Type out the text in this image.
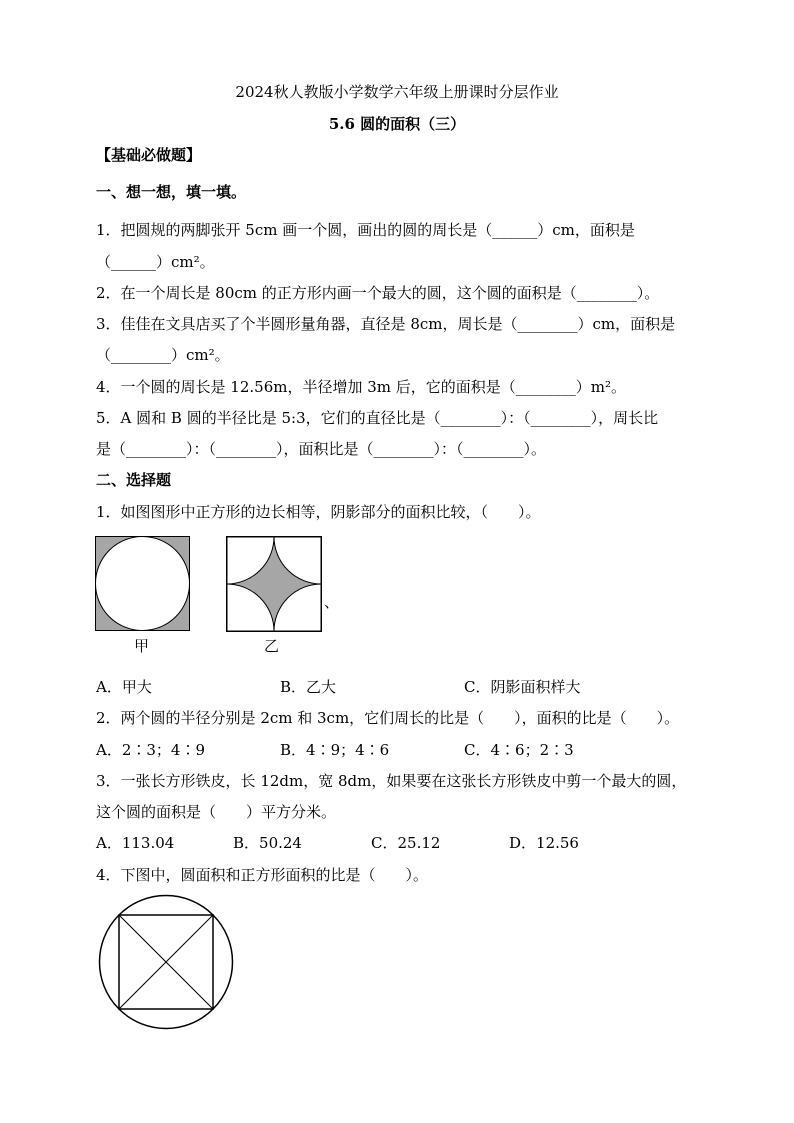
2024秋人教版小学数学六年级上册课时分层作业
5.6 圆的面积（三）
【基础必做题】
一、想一想，填一填。
1．把圆规的两脚张开 5cm 画一个圆，画出的圆的周长是（______）cm，面积是
（______）cm²。
2．在一个周长是 80cm 的正方形内画一个最大的圆，这个圆的面积是（________）。
3．佳佳在文具店买了个半圆形量角器，直径是 8cm，周长是（________）cm，面积是
（________）cm²。
4．一个圆的周长是 12.56m，半径增加 3m 后，它的面积是（________）m²。
5．A 圆和 B 圆的半径比是 5:3，它们的直径比是（________）：（________），周长比
是（________）：（________），面积比是（________）：（________）。
二、选择题
1．如图图形中正方形的边长相等，阴影部分的面积比较，（　　）。
甲
、
乙
A．甲大	B．乙大	C．阴影面积样大
2．两个圆的半径分别是 2cm 和 3cm，它们周长的比是（　　），面积的比是（　　）。
A．2∶3；4∶9	B．4∶9；4∶6	C．4∶6；2∶3
3．一张长方形铁皮，长 12dm，宽 8dm，如果要在这张长方形铁皮中剪一个最大的圆，
这个圆的面积是（　　）平方分米。
A．113.04	B．50.24	C．25.12	D．12.56
4．下图中，圆面积和正方形面积的比是（　　）。
